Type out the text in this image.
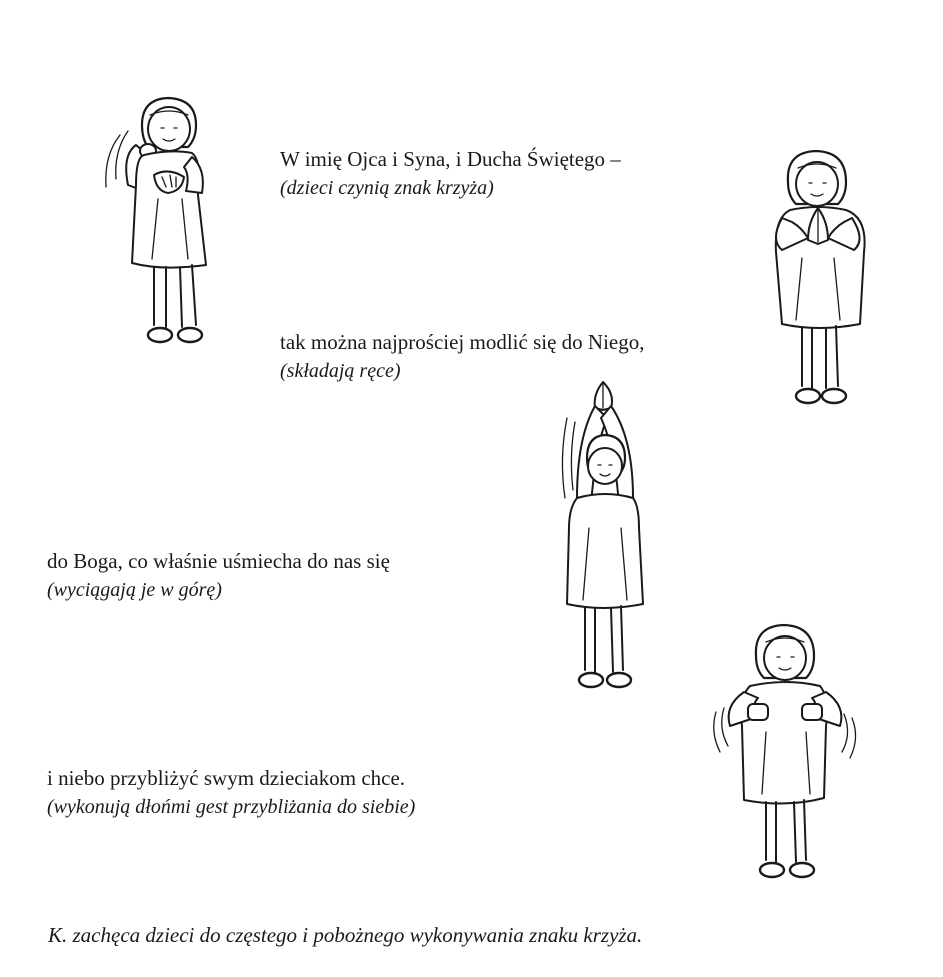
W imię Ojca i Syna, i Ducha Świętego –
(dzieci czynią znak krzyża)
tak można najprościej modlić się do Niego,
(składają ręce)
do Boga, co właśnie uśmiecha do nas się
(wyciągają je w górę)
i niebo przybliżyć swym dzieciakom chce.
(wykonują dłońmi gest przybliżania do siebie)
K. zachęca dzieci do częstego i pobożnego wykonywania znaku krzyża.
